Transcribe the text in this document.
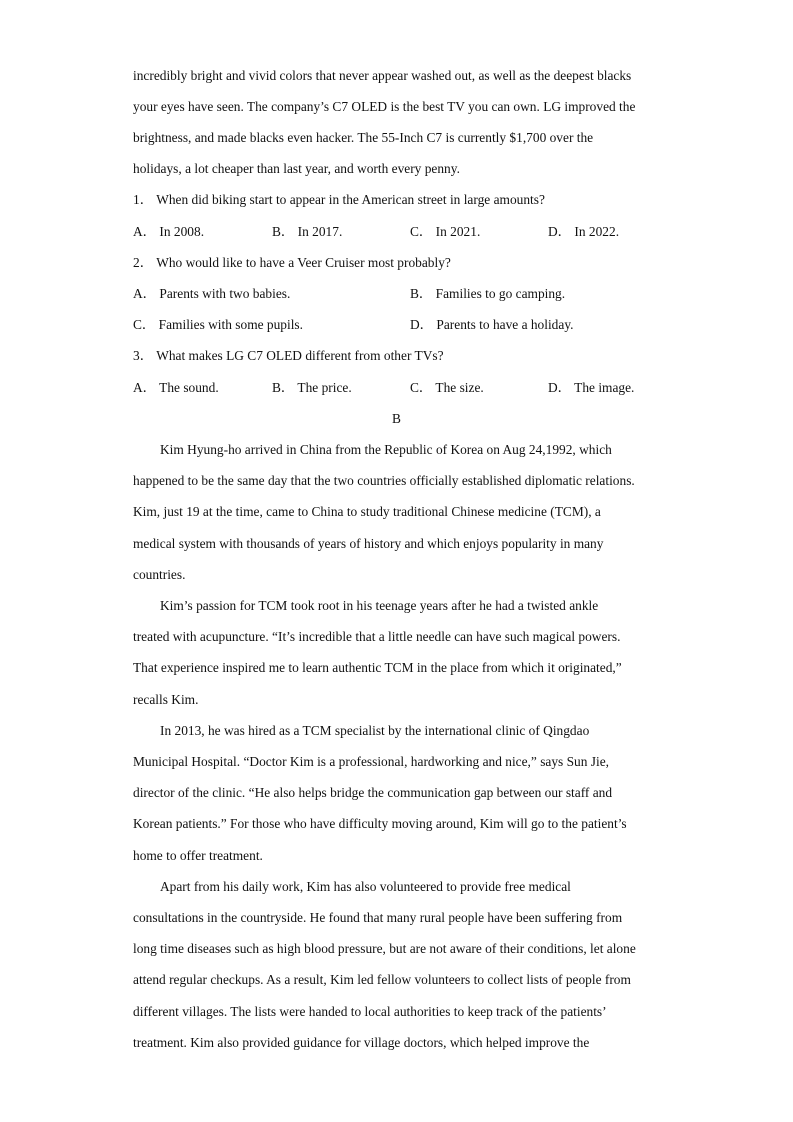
incredibly bright and vivid colors that never appear washed out, as well as the deepest blacks
your eyes have seen. The company’s C7 OLED is the best TV you can own. LG improved the
brightness, and made blacks even hacker. The 55-Inch C7 is currently $1,700 over the
holidays, a lot cheaper than last year, and worth every penny.
1． When did biking start to appear in the American street in large amounts?
A． In 2008.	B． In 2017.	C． In 2021.	D． In 2022.
2． Who would like to have a Veer Cruiser most probably?
A． Parents with two babies.	B． Families to go camping.
C． Families with some pupils.	D． Parents to have a holiday.
3． What makes LG C7 OLED different from other TVs?
A． The sound.	B． The price.	C． The size.	D． The image.
B
Kim Hyung-ho arrived in China from the Republic of Korea on Aug 24,1992, which
happened to be the same day that the two countries officially established diplomatic relations.
Kim, just 19 at the time, came to China to study traditional Chinese medicine (TCM), a
medical system with thousands of years of history and which enjoys popularity in many
countries.
Kim’s passion for TCM took root in his teenage years after he had a twisted ankle
treated with acupuncture. “It’s incredible that a little needle can have such magical powers.
That experience inspired me to learn authentic TCM in the place from which it originated,”
recalls Kim.
In 2013, he was hired as a TCM specialist by the international clinic of Qingdao
Municipal Hospital. “Doctor Kim is a professional, hardworking and nice,” says Sun Jie,
director of the clinic. “He also helps bridge the communication gap between our staff and
Korean patients.” For those who have difficulty moving around, Kim will go to the patient’s
home to offer treatment.
Apart from his daily work, Kim has also volunteered to provide free medical
consultations in the countryside. He found that many rural people have been suffering from
long time diseases such as high blood pressure, but are not aware of their conditions, let alone
attend regular checkups. As a result, Kim led fellow volunteers to collect lists of people from
different villages. The lists were handed to local authorities to keep track of the patients’
treatment. Kim also provided guidance for village doctors, which helped improve the
